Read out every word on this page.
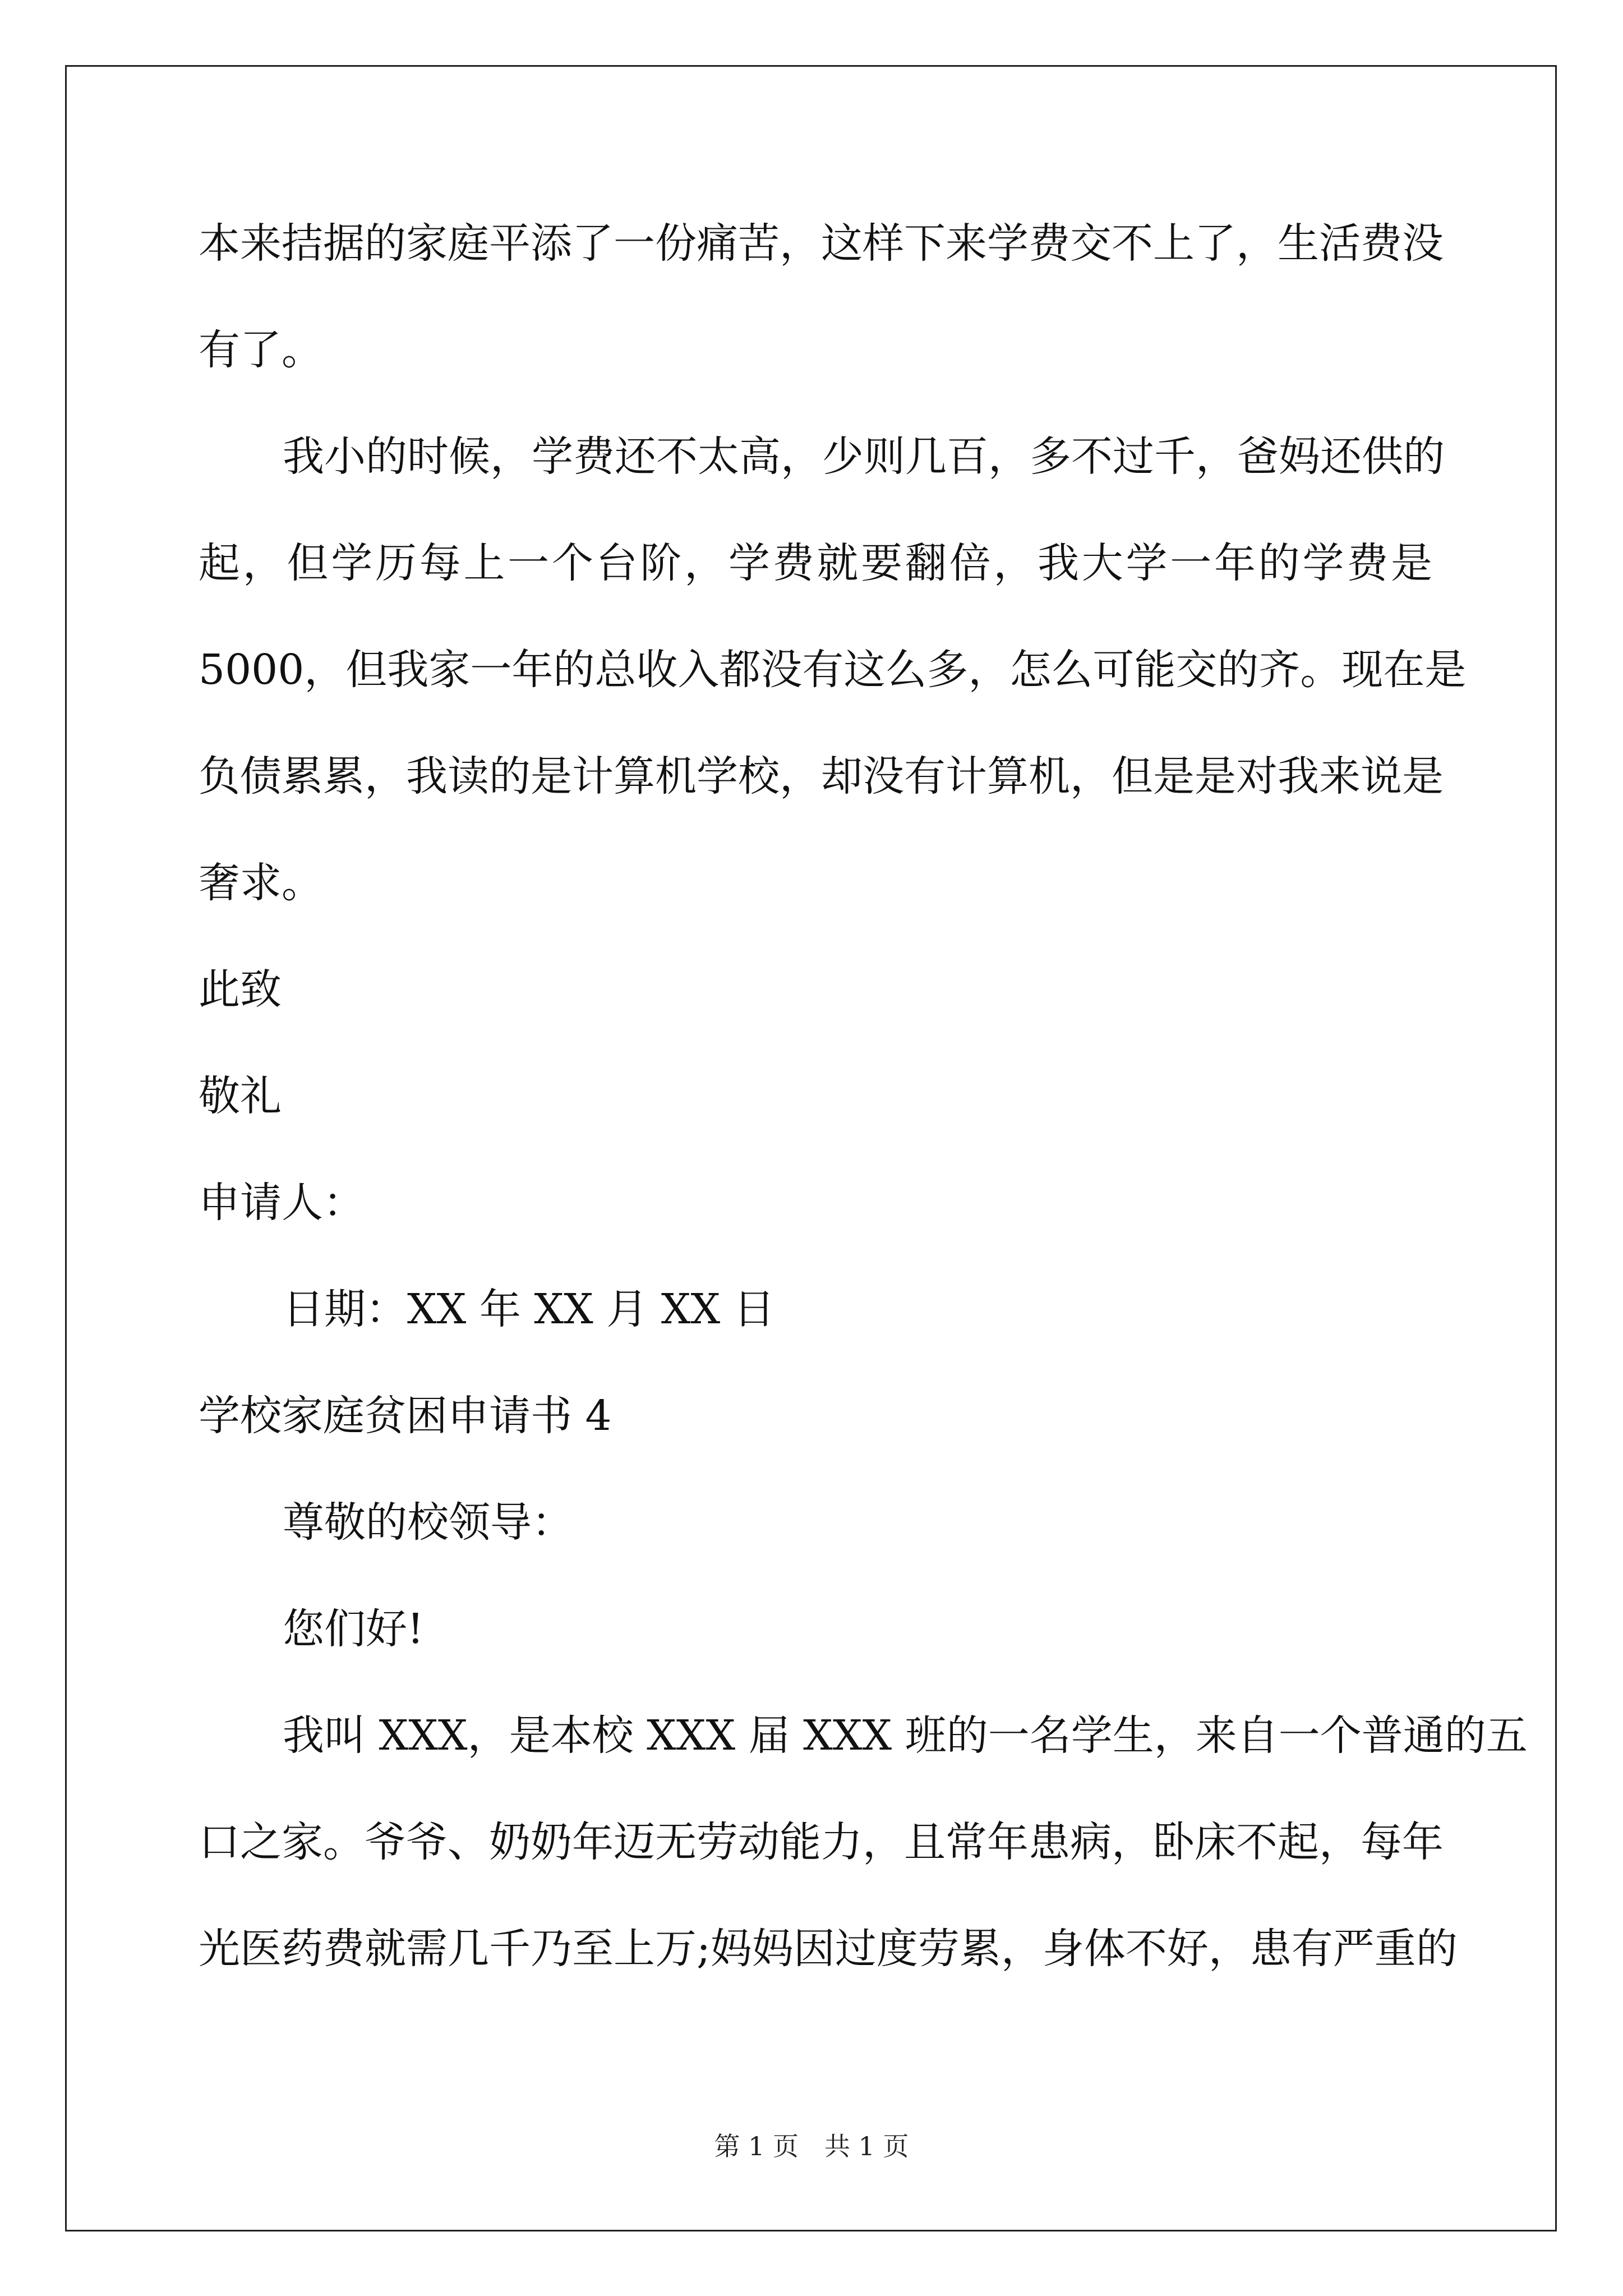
本来拮据的家庭平添了一份痛苦，这样下来学费交不上了，生活费没
有了。
我小的时候，学费还不太高，少则几百，多不过千，爸妈还供的
起，但学历每上一个台阶，学费就要翻倍，我大学一年的学费是
5000，但我家一年的总收入都没有这么多，怎么可能交的齐。现在是
负债累累，我读的是计算机学校，却没有计算机，但是是对我来说是
奢求。
此致
敬礼
申请人：
日期：XX 年 XX 月 XX 日
学校家庭贫困申请书 4
尊敬的校领导：
您们好!
我叫 XXX，是本校 XXX 届 XXX 班的一名学生，来自一个普通的五
口之家。爷爷、奶奶年迈无劳动能力，且常年患病，卧床不起，每年
光医药费就需几千乃至上万;妈妈因过度劳累，身体不好，患有严重的
第 1 页　共 1 页
